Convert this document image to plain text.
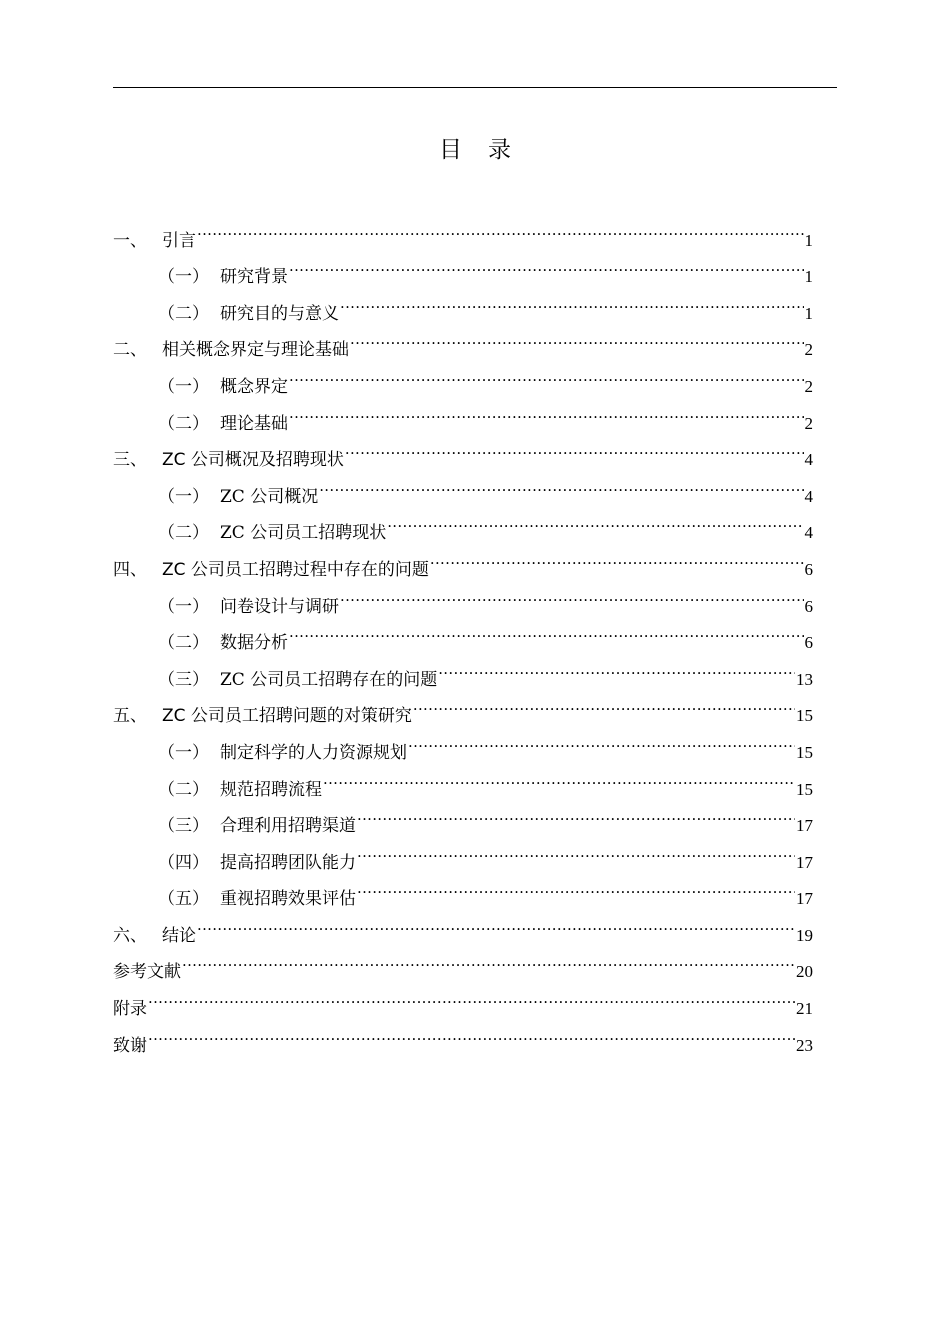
目 录
一、 引言 .....	1
（一） 研究背景 .....	1
（二） 研究目的与意义 .....	1
二、 相关概念界定与理论基础 .....	2
（一） 概念界定 .....	2
（二） 理论基础 .....	2
三、 ZC 公司概况及招聘现状 .....	4
（一） ZC 公司概况 .....	4
（二） ZC 公司员工招聘现状 .....	4
四、 ZC 公司员工招聘过程中存在的问题 .....	6
（一） 问卷设计与调研 .....	6
（二） 数据分析 .....	6
（三） ZC 公司员工招聘存在的问题 .....	13
五、 ZC 公司员工招聘问题的对策研究 .....	15
（一） 制定科学的人力资源规划 .....	15
（二） 规范招聘流程 .....	15
（三） 合理利用招聘渠道 .....	17
（四） 提高招聘团队能力 .....	17
（五） 重视招聘效果评估 .....	17
六、 结论 .....	19
参考文献 .....	20
附录 .....	21
致谢 .....	23
